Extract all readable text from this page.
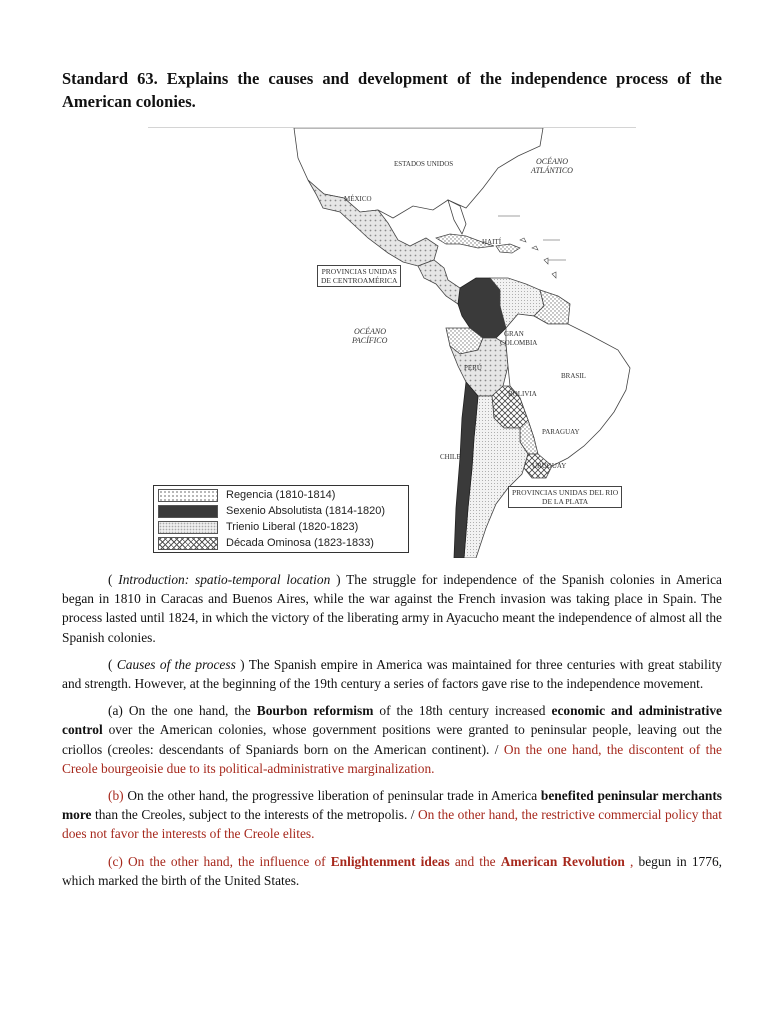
Standard 63. Explains the causes and development of the independence process of the American colonies.
ESTADOS UNIDOS	OCÉANO
ATLÁNTICO
MÉXICO
HAITÍ
PROVINCIAS UNIDAS
DE CENTROAMÉRICA
OCÉANO
PACÍFICO
GRAN
COLOMBIA
PERÚ
BRASIL
BOLIVIA
PARAGUAY
CHILE
URUGUAY
PROVINCIAS UNIDAS DEL RIO
DE LA PLATA
Regencia (1810-1814)
Sexenio Absolutista (1814-1820)
Trienio Liberal (1820-1823)
Década Ominosa (1823-1833)

( Introduction: spatio-temporal location ) The struggle for independence of the Spanish colonies in America began in 1810 in Caracas and Buenos Aires, while the war against the French invasion was taking place in Spain. The process lasted until 1824, in which the victory of the liberating army in Ayacucho meant the independence of almost all the Spanish colonies.

( Causes of the process ) The Spanish empire in America was maintained for three centuries with great stability and strength. However, at the beginning of the 19th century a series of factors gave rise to the independence movement.

(a) On the one hand, the Bourbon reformism of the 18th century increased economic and administrative control over the American colonies, whose government positions were granted to peninsular people, leaving out the criollos (creoles: descendants of Spaniards born on the American continent). / On the one hand, the discontent of the Creole bourgeoisie due to its political-administrative marginalization.

(b) On the other hand, the progressive liberation of peninsular trade in America benefited peninsular merchants more than the Creoles, subject to the interests of the metropolis. / On the other hand, the restrictive commercial policy that does not favor the interests of the Creole elites.

(c) On the other hand, the influence of Enlightenment ideas and the American Revolution , begun in 1776, which marked the birth of the United States.
